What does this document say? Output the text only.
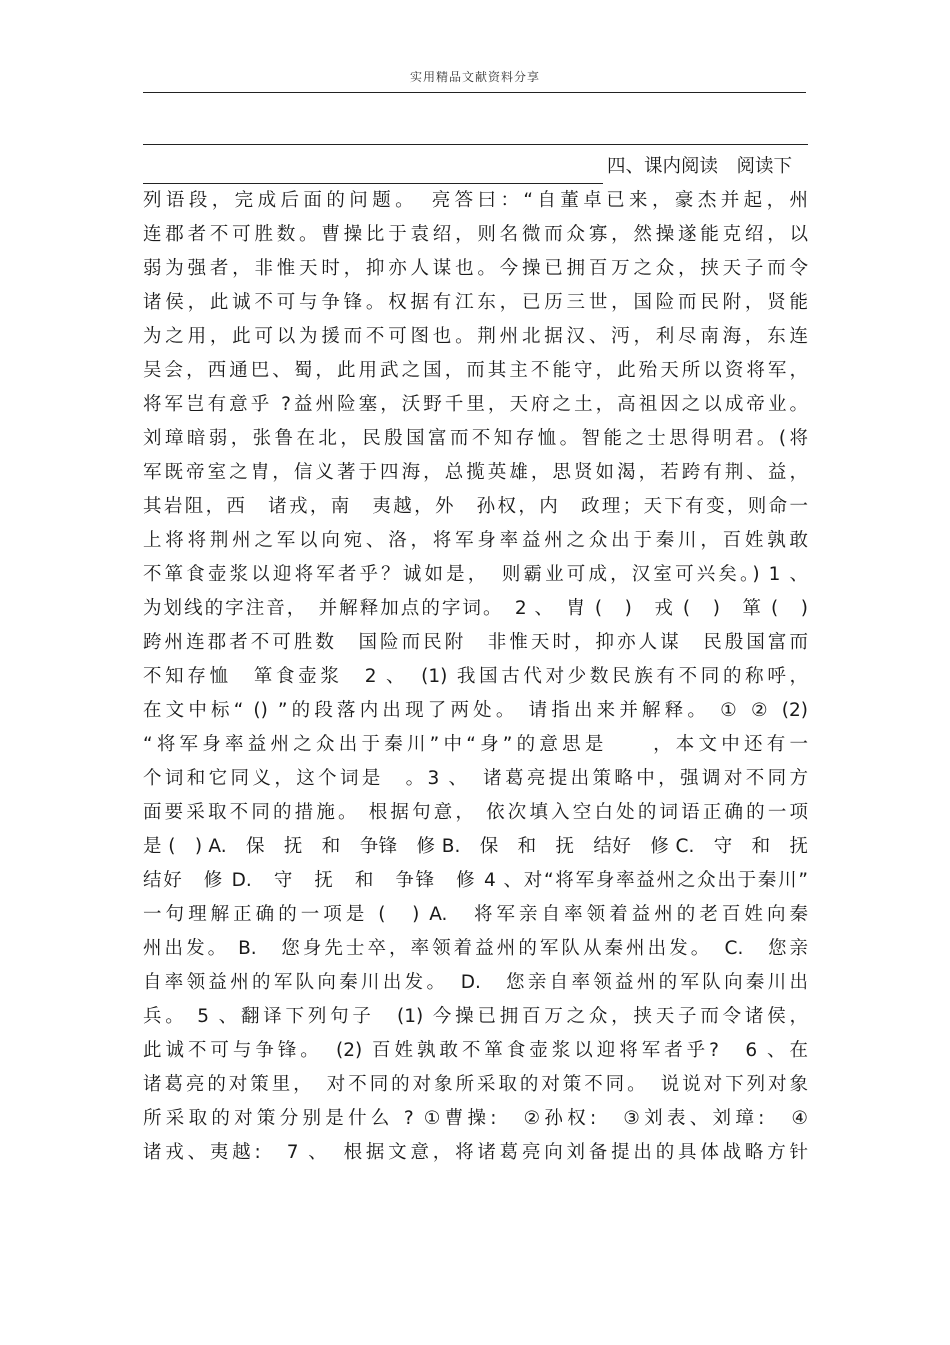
实用精品文献资料分享
四、课内阅读　阅读下
列语段，完成后面的问题。　亮答曰：“自董卓已来，豪杰并起，州
连郡者不可胜数。曹操比于袁绍，则名微而众寡，然操遂能克绍，以
弱为强者，非惟天时，抑亦人谋也。今操已拥百万之众，挟天子而令
诸侯，此诚不可与争锋。权据有江东，已历三世，国险而民附，贤能
为之用，此可以为援而不可图也。荆州北据汉、沔，利尽南海，东连
吴会，西通巴、蜀，此用武之国，而其主不能守，此殆天所以资将军，
将军岂有意乎 ?益州险塞，沃野千里，天府之土，高祖因之以成帝业。
刘璋暗弱，张鲁在北，民殷国富而不知存恤。智能之士思得明君。(将
军既帝室之胄，信义著于四海，总揽英雄，思贤如渴，若跨有荆、益，
其岩阻，西　诸戎，南　夷越，外　孙权，内　政理；天下有变，则命一
上将将荆州之军以向宛、洛，将军身率益州之众出于秦川，百姓孰敢
不箪食壶浆以迎将军者乎？诚如是，　则霸业可成，汉室可兴矣。) 1 、
为划线的字注音，　并解释加点的字词。　2 、　胄 (　)　戎 (　)　箪 (　)
跨州连郡者不可胜数　国险而民附　非惟天时，抑亦人谋　民殷国富而
不知存恤　箪食壶浆　2 、　(1) 我国古代对少数民族有不同的称呼，
在文中标“ () ”的段落内出现了两处。 请指出来并解释。 ① ② (2)
“将军身率益州之众出于秦川”中“身”的意思是　　，本文中还有一
个词和它同义，这个词是　。3 、　诸葛亮提出策略中，强调对不同方
面要采取不同的措施。 根据句意， 依次填入空白处的词语正确的一项
是 (　) A.　保　抚　和　争锋　修 B.　保　和　抚　结好　修 C.　守　和　抚
结好　修 D.　守　抚　和　争锋　修 4 、对“将军身率益州之众出于秦川”
一句理解正确的一项是 (　) A.　将军亲自率领着益州的老百姓向秦
州出发。 B.　您身先士卒，率领着益州的军队从秦州出发。　C.　您亲
自率领益州的军队向秦川出发。　D.　您亲自率领益州的军队向秦川出
兵。 5 、翻译下列句子　(1) 今操已拥百万之众，挟天子而令诸侯，
此诚不可与争锋。　(2) 百姓孰敢不箪食壶浆以迎将军者乎?　6 、在
诸葛亮的对策里，　对不同的对象所采取的对策不同。　说说对下列对象
所采取的对策分别是什么 ? ①曹操:　②孙权:　③刘表、刘璋:　④
诸戎、夷越:　7 、　根据文意，将诸葛亮向刘备提出的具体战略方针
